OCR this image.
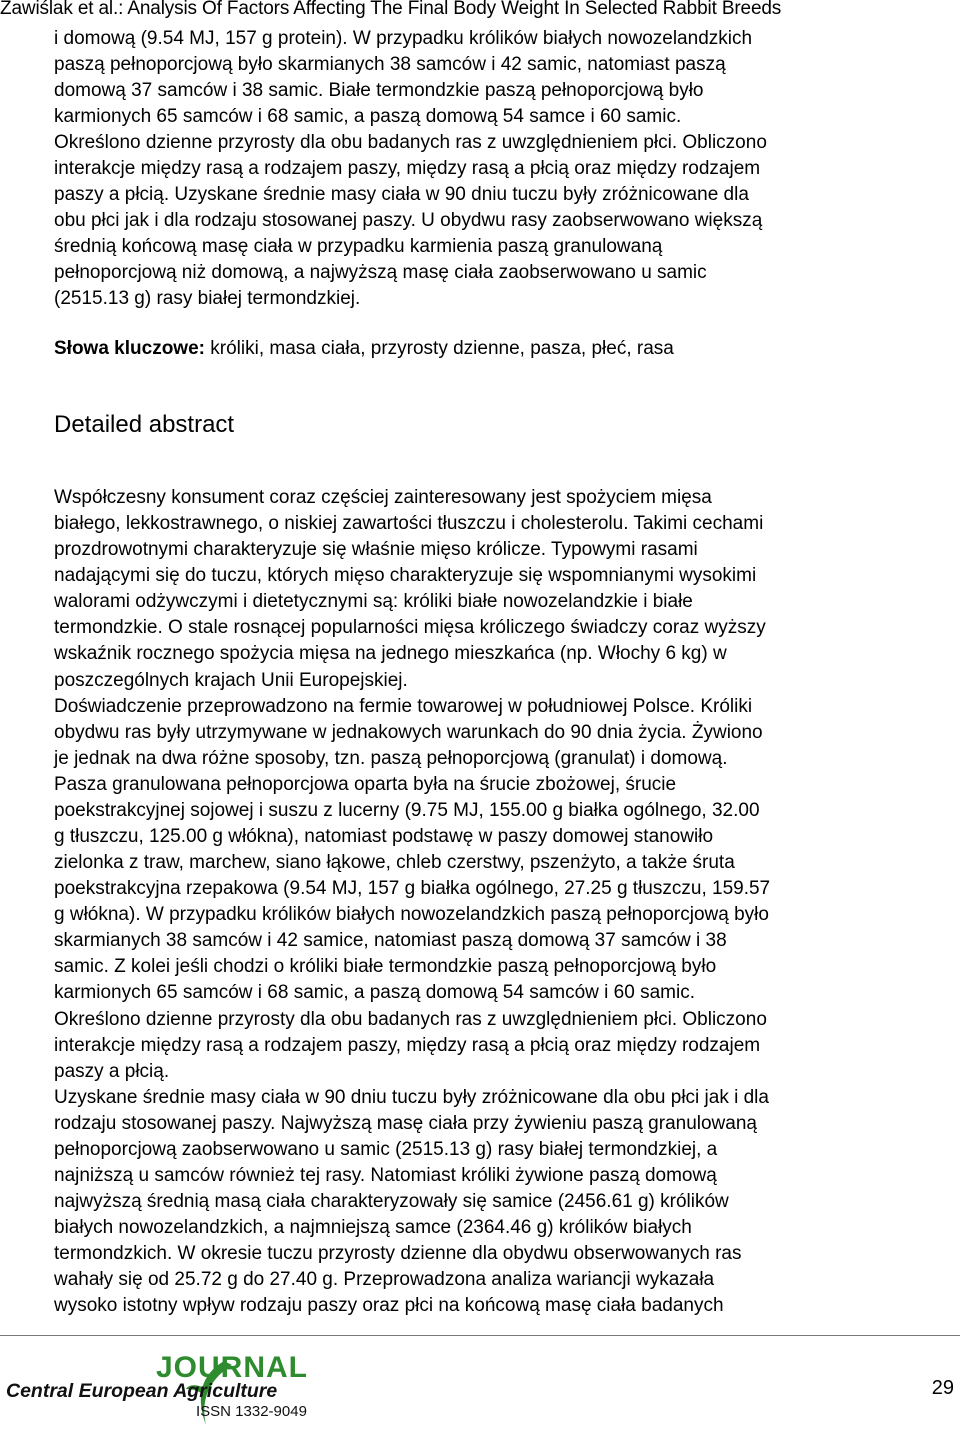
Zawiślak et al.: Analysis Of Factors Affecting The Final Body Weight In Selected Rabbit Breeds
i domową (9.54 MJ, 157 g protein). W przypadku królików białych nowozelandzkich
paszą pełnoporcjową było skarmianych 38 samców i 42 samic, natomiast paszą
domową 37 samców i 38 samic. Białe termondzkie paszą pełnoporcjową było
karmionych 65 samców i 68 samic, a paszą domową 54 samce i 60 samic.
Określono dzienne przyrosty dla obu badanych ras z uwzględnieniem płci. Obliczono
interakcje między rasą a rodzajem paszy, między rasą a płcią oraz między rodzajem
paszy a płcią. Uzyskane średnie masy ciała w 90 dniu tuczu były zróżnicowane dla
obu płci jak i dla rodzaju stosowanej paszy. U obydwu rasy zaobserwowano większą
średnią końcową masę ciała w przypadku karmienia paszą granulowaną
pełnoporcjową niż domową, a najwyższą masę ciała zaobserwowano u samic
(2515.13 g) rasy białej termondzkiej.
Słowa kluczowe: króliki, masa ciała, przyrosty dzienne, pasza, płeć, rasa
Detailed abstract
Współczesny konsument coraz częściej zainteresowany jest spożyciem mięsa
białego, lekkostrawnego, o niskiej zawartości tłuszczu i cholesterolu. Takimi cechami
prozdrowotnymi charakteryzuje się właśnie mięso królicze. Typowymi rasami
nadającymi się do tuczu, których mięso charakteryzuje się wspomnianymi wysokimi
walorami odżywczymi i dietetycznymi są: króliki białe nowozelandzkie i białe
termondzkie. O stale rosnącej popularności mięsa króliczego świadczy coraz wyższy
wskaźnik rocznego spożycia mięsa na jednego mieszkańca (np. Włochy 6 kg) w
poszczególnych krajach Unii Europejskiej.
Doświadczenie przeprowadzono na fermie towarowej w południowej Polsce. Króliki
obydwu ras były utrzymywane w jednakowych warunkach do 90 dnia życia. Żywiono
je jednak na dwa różne sposoby, tzn. paszą pełnoporcjową (granulat) i domową.
Pasza granulowana pełnoporcjowa oparta była na śrucie zbożowej, śrucie
poekstrakcyjnej sojowej i suszu z lucerny (9.75 MJ, 155.00 g białka ogólnego, 32.00
g tłuszczu, 125.00 g włókna), natomiast podstawę w paszy domowej stanowiło
zielonka z traw, marchew, siano łąkowe, chleb czerstwy, pszenżyto, a także śruta
poekstrakcyjna rzepakowa (9.54 MJ, 157 g białka ogólnego, 27.25 g tłuszczu, 159.57
g włókna). W przypadku królików białych nowozelandzkich paszą pełnoporcjową było
skarmianych 38 samców i 42 samice, natomiast paszą domową 37 samców i 38
samic. Z kolei jeśli chodzi o króliki białe termondzkie paszą pełnoporcjową było
karmionych 65 samców i 68 samic, a paszą domową 54 samców i 60 samic.
Określono dzienne przyrosty dla obu badanych ras z uwzględnieniem płci. Obliczono
interakcje między rasą a rodzajem paszy, między rasą a płcią oraz między rodzajem
paszy a płcią.
Uzyskane średnie masy ciała w 90 dniu tuczu były zróżnicowane dla obu płci jak i dla
rodzaju stosowanej paszy. Najwyższą masę ciała przy żywieniu paszą granulowaną
pełnoporcjową zaobserwowano u samic (2515.13 g) rasy białej termondzkiej, a
najniższą u samców również tej rasy. Natomiast króliki żywione paszą domową
najwyższą średnią masą ciała charakteryzowały się samice (2456.61 g) królików
białych nowozelandzkich, a najmniejszą samce (2364.46 g) królików białych
termondzkich. W okresie tuczu przyrosty dzienne dla obydwu obserwowanych ras
wahały się od 25.72 g do 27.40 g. Przeprowadzona analiza wariancji wykazała
wysoko istotny wpływ rodzaju paszy oraz płci na końcową masę ciała badanych
JOURNAL
Central European Agriculture
ISSN 1332-9049
29
